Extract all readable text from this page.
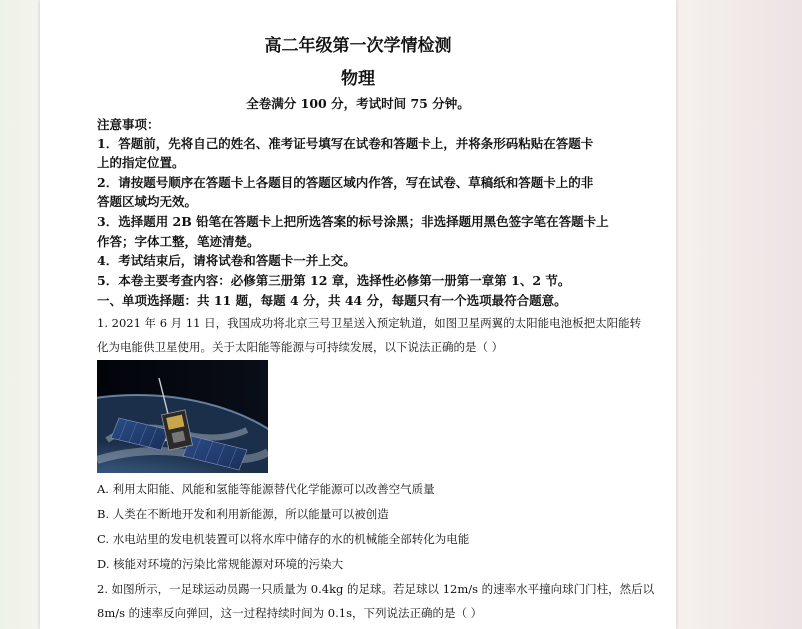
高二年级第一次学情检测
物理
全卷满分 100 分，考试时间 75 分钟。
注意事项：
1．答题前，先将自己的姓名、准考证号填写在试卷和答题卡上，并将条形码粘贴在答题卡
上的指定位置。
2．请按题号顺序在答题卡上各题目的答题区域内作答，写在试卷、草稿纸和答题卡上的非
答题区域均无效。
3．选择题用 2B 铅笔在答题卡上把所选答案的标号涂黑；非选择题用黑色签字笔在答题卡上
作答；字体工整，笔迹清楚。
4．考试结束后，请将试卷和答题卡一并上交。
5．本卷主要考查内容：必修第三册第 12 章，选择性必修第一册第一章第 1、2 节。
一、单项选择题：共 11 题，每题 4 分，共 44 分，每题只有一个选项最符合题意。
1. 2021 年 6 月 11 日，我国成功将北京三号卫星送入预定轨道，如图卫星两翼的太阳能电池板把太阳能转
化为电能供卫星使用。关于太阳能等能源与可持续发展，以下说法正确的是（ ）
A. 利用太阳能、风能和氢能等能源替代化学能源可以改善空气质量
B. 人类在不断地开发和利用新能源，所以能量可以被创造
C. 水电站里的发电机装置可以将水库中储存的水的机械能全部转化为电能
D. 核能对环境的污染比常规能源对环境的污染大
2. 如图所示，一足球运动员踢一只质量为 0.4kg 的足球。若足球以 12m/s 的速率水平撞向球门门柱，然后以
8m/s 的速率反向弹回，这一过程持续时间为 0.1s，下列说法正确的是（ ）
